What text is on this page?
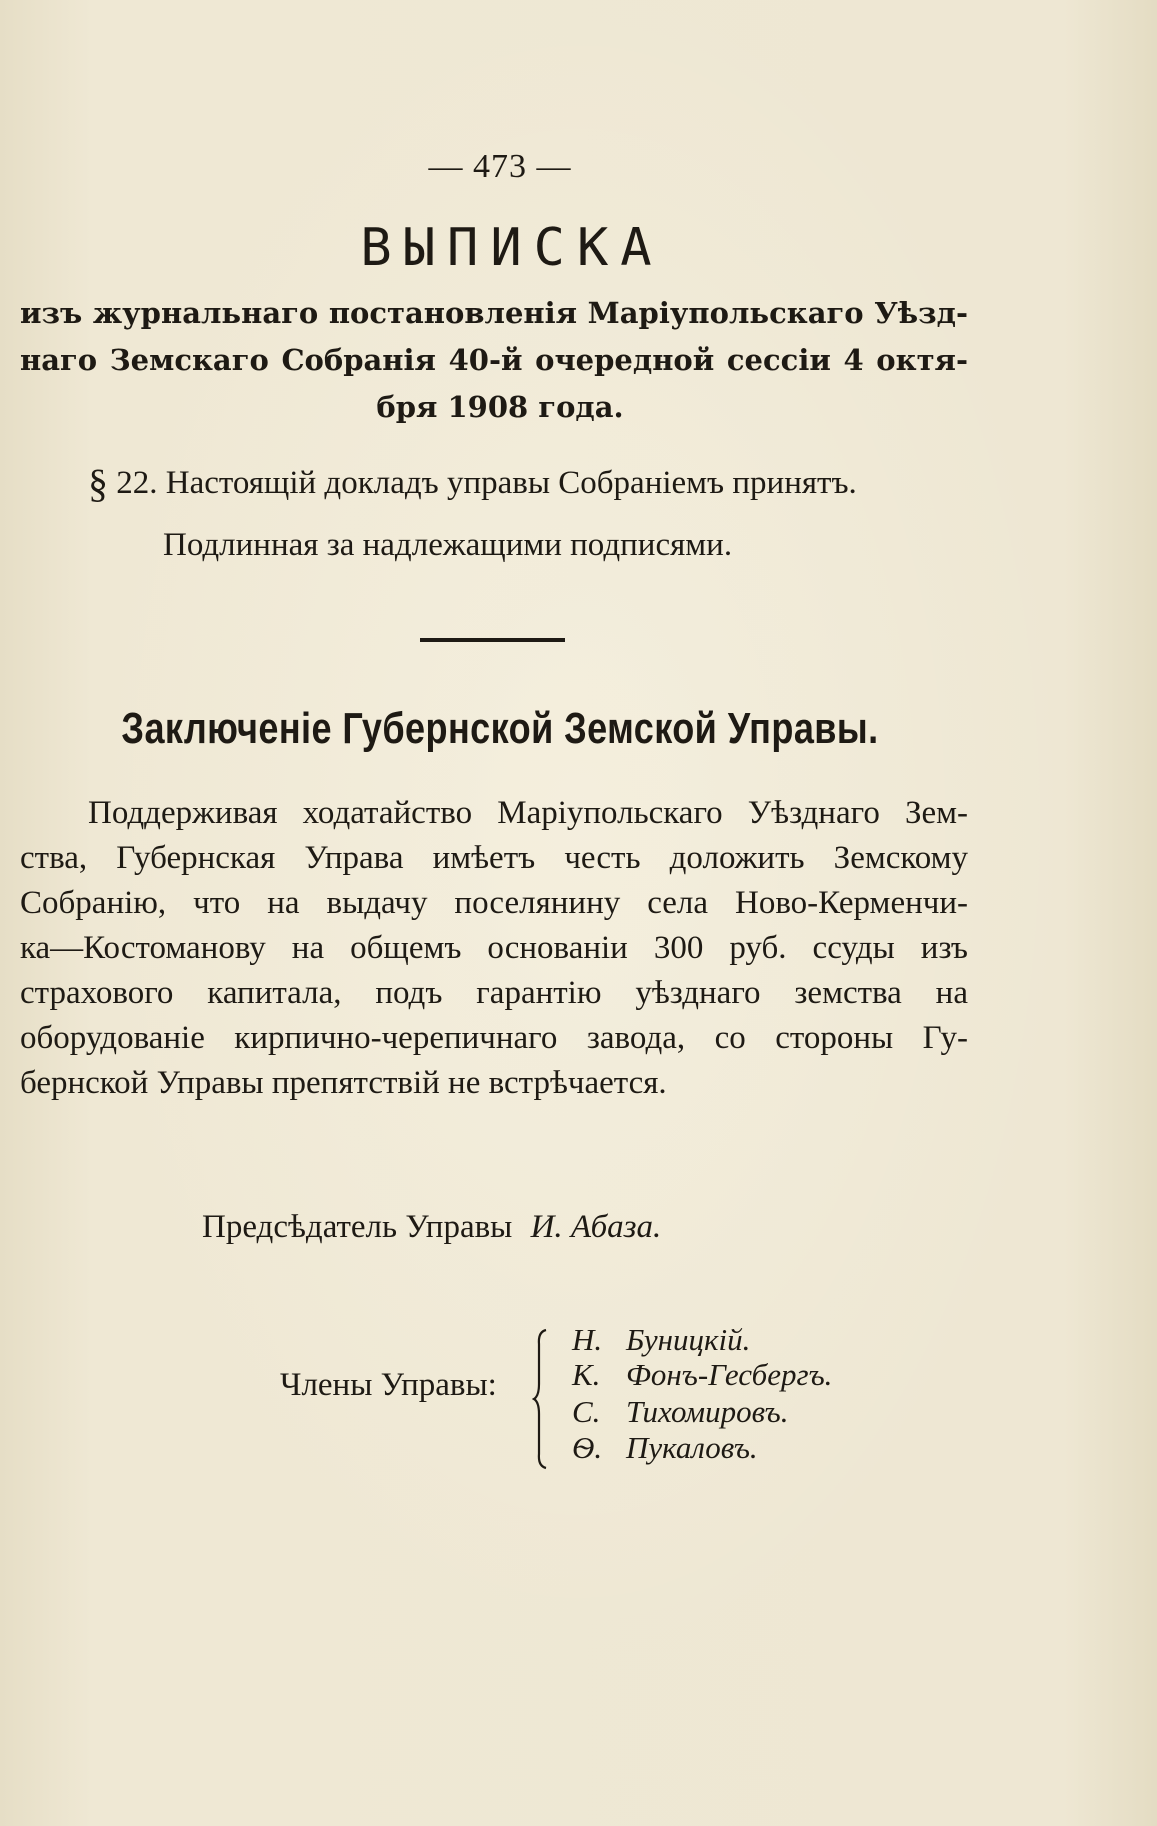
— 473 —
ВЫПИСКА
изъ журнальнаго постановленія Маріупольскаго Уѣзд-
наго Земскаго Собранія 40-й очередной сессіи 4 октя-
бря 1908 года.
§ 22. Настоящій докладъ управы Собраніемъ принятъ.
Подлинная за надлежащими подписями.
Заключеніе Губернской Земской Управы.
Поддерживая ходатайство Маріупольскаго Уѣзднаго Зем-
ства, Губернская Управа имѣетъ честь доложить Земскому
Собранію, что на выдачу поселянину села Ново-Керменчи-
ка—Костоманову на общемъ основаніи 300 руб. ссуды изъ
страхового капитала, подъ гарантію уѣзднаго земства на
оборудованіе кирпично-черепичнаго завода, со стороны Гу-
бернской Управы препятствій не встрѣчается.
Предсѣдатель Управы И. Абаза.
Члены Управы:
Н. Буницкій.
К. Фонъ-Гесбергъ.
С. Тихомировъ.
Ѳ. Пукаловъ.
